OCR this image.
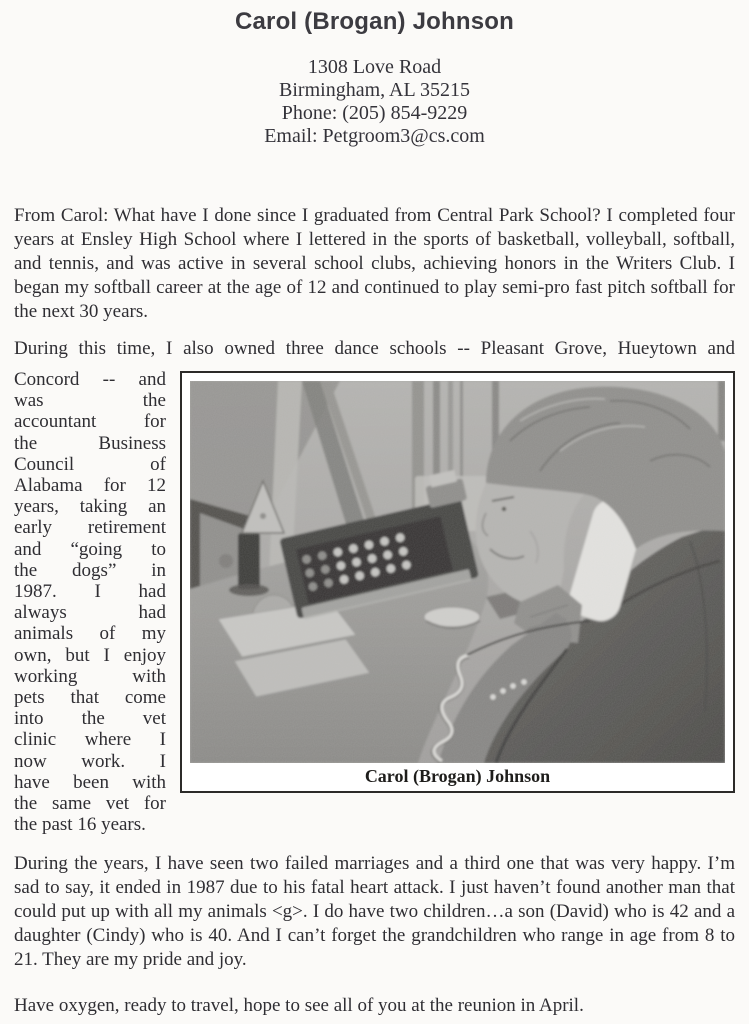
Carol (Brogan) Johnson
1308 Love Road
Birmingham, AL 35215
Phone: (205) 854-9229
Email: Petgroom3@cs.com

From Carol: What have I done since I graduated from Central Park School? I completed four years at Ensley High School where I lettered in the sports of basketball, volleyball, softball, and tennis, and was active in several school clubs, achieving honors in the Writers Club. I began my softball career at the age of 12 and continued to play semi-pro fast pitch softball for the next 30 years.

During this time, I also owned three dance schools -- Pleasant Grove, Hueytown and

Concord -- and
was the
accountant for
the Business
Council of
Alabama for 12
years, taking an
early retirement
and “going to
the dogs” in
1987. I had
always had
animals of my
own, but I enjoy
working with
pets that come
into the vet
clinic where I
now work. I
have been with
the same vet for
the past 16 years.
Carol (Brogan) Johnson

During the years, I have seen two failed marriages and a third one that was very happy. I’m sad to say, it ended in 1987 due to his fatal heart attack. I just haven’t found another man that could put up with all my animals <g>. I do have two children…a son (David) who is 42 and a daughter (Cindy) who is 40. And I can’t forget the grandchildren who range in age from 8 to 21. They are my pride and joy.

Have oxygen, ready to travel, hope to see all of you at the reunion in April.
